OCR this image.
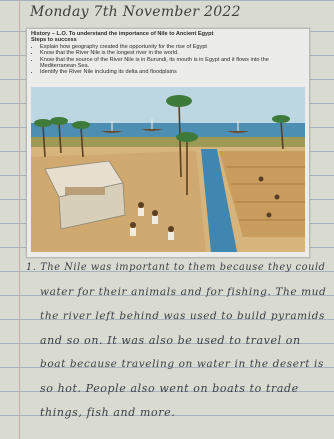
Monday 7th November 2022
History – L.O. To understand the importance of Nile to Ancient Egypt
Steps to success
• Explain how geography created the opportunity for the rise of Egypt
• Know that the River Nile is the longest river in the world.
• Know that the source of the River Nile is in Burundi, its mouth is in Egypt and it flows into the Mediterranean Sea.
• Identify the River Nile including its delta and floodplains
1. The Nile was important to them because they could
water for their animals and for fishing. The mud
the river left behind was used to build pyramids
and so on. It was also be used to travel on
boat because traveling on water in the desert is
so hot. People also went on boats to trade
things, fish and more.
